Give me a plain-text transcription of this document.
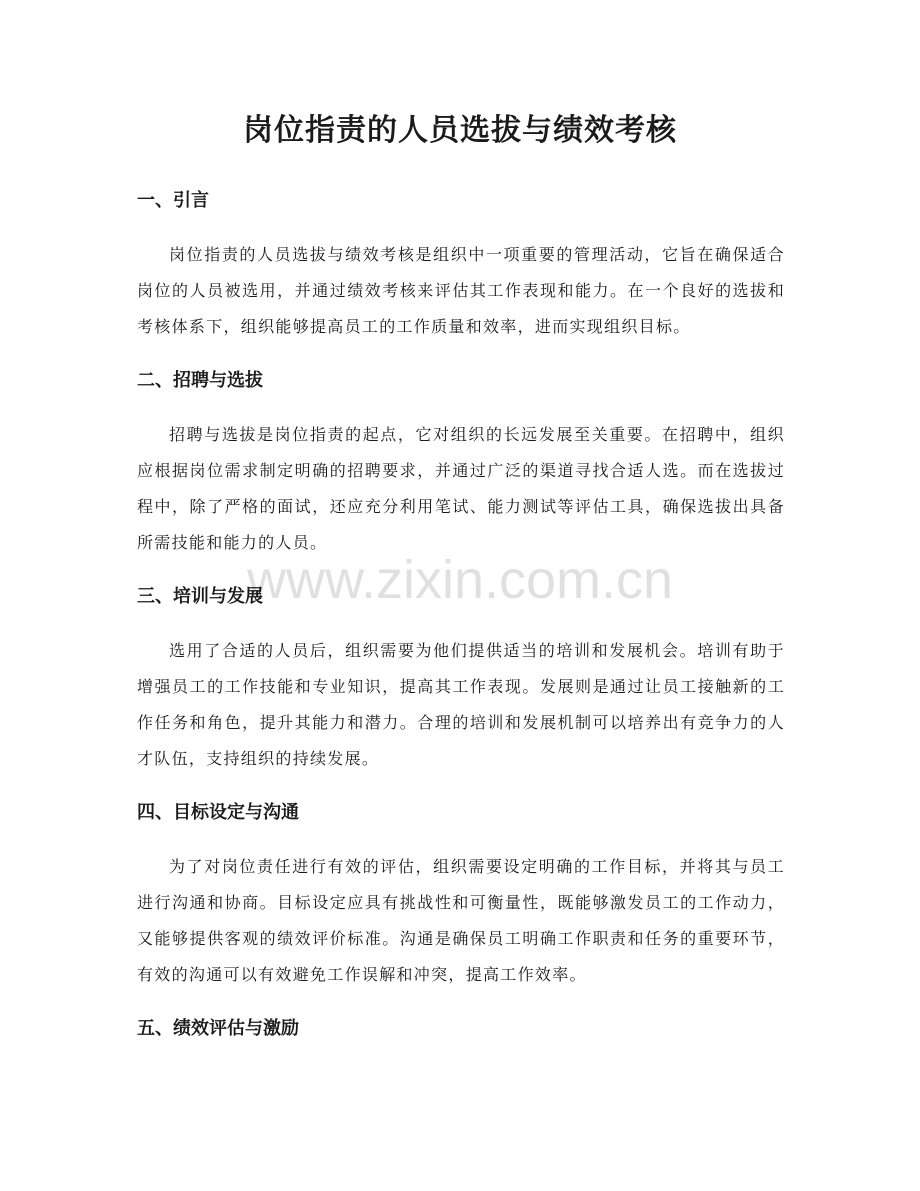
岗位指责的人员选拔与绩效考核
一、引言

岗位指责的人员选拔与绩效考核是组织中一项重要的管理活动，它旨在确保适合岗位的人员被选用，并通过绩效考核来评估其工作表现和能力。在一个良好的选拔和考核体系下，组织能够提高员工的工作质量和效率，进而实现组织目标。

二、招聘与选拔

招聘与选拔是岗位指责的起点，它对组织的长远发展至关重要。在招聘中，组织应根据岗位需求制定明确的招聘要求，并通过广泛的渠道寻找合适人选。而在选拔过程中，除了严格的面试，还应充分利用笔试、能力测试等评估工具，确保选拔出具备所需技能和能力的人员。

三、培训与发展

选用了合适的人员后，组织需要为他们提供适当的培训和发展机会。培训有助于增强员工的工作技能和专业知识，提高其工作表现。发展则是通过让员工接触新的工作任务和角色，提升其能力和潜力。合理的培训和发展机制可以培养出有竞争力的人才队伍，支持组织的持续发展。

四、目标设定与沟通

为了对岗位责任进行有效的评估，组织需要设定明确的工作目标，并将其与员工进行沟通和协商。目标设定应具有挑战性和可衡量性，既能够激发员工的工作动力，又能够提供客观的绩效评价标准。沟通是确保员工明确工作职责和任务的重要环节，有效的沟通可以有效避免工作误解和冲突，提高工作效率。

五、绩效评估与激励
www.zixin.com.cn
